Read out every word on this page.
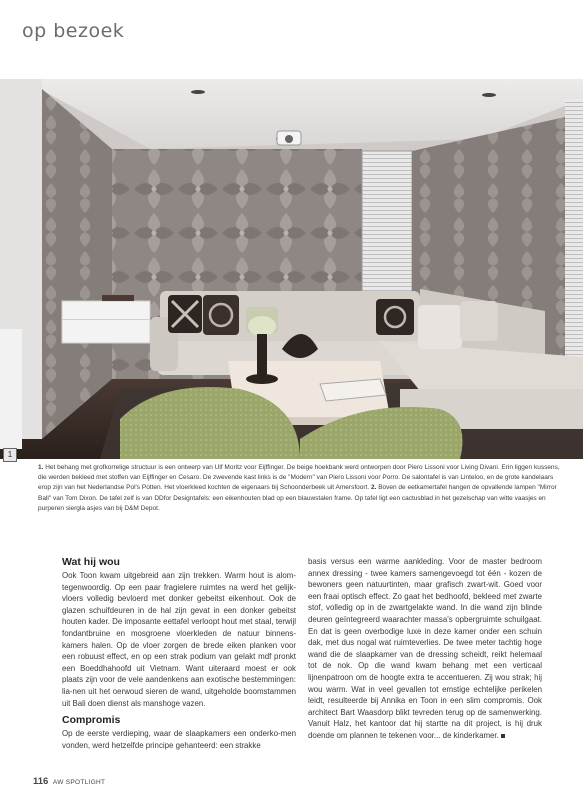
op bezoek
1
1. Het behang met grofkorrelige structuur is een ontwerp van Ulf Moritz voor Eijffinger. De beige hoekbank werd ontworpen door Piero Lissoni voor Living Divani. Erin liggen kussens, die werden bekleed met stoffen van Eijffinger en Cesaro. De zwevende kast links is de "Modern" van Piero Lissoni voor Porro. De salontafel is van Linteloo, en de grote kandelaars erop zijn van het Nederlandse Pol's Potten. Het vloerkleed kochten de eigenaars bij Schoonderbeek uit Amersfoort. 2. Boven de eetkamertafel hangen de opvallende lampen "Mirror Ball" van Tom Dixon. De tafel zelf is van DDfor Designtafels: een eikenhouten blad op een blauwstalen frame. Op tafel ligt een cactusblad in het gezelschap van witte vaasjes en purperen siergla asjes van bij D&M Depot.
Wat hij wou

Ook Toon kwam uitgebreid aan zijn trekken. Warm hout is alom-tegenwoordig. Op een paar fragielere ruimtes na werd het gelijk-vloers volledig bevloerd met donker gebeitst eikenhout. Ook de glazen schuifdeuren in de hal zijn gevat in een donker gebeitst houten kader. De imposante eettafel verloopt hout met staal, terwijl fondantbruine en mosgroene vloerkleden de natuur binnens-kamers halen. Op de vloer zorgen de brede eiken planken voor een robuust effect, en op een strak podium van gelakt mdf pronkt een Boeddhahoofd uit Vietnam. Want uiteraard moest er ook plaats zijn voor de vele aandenkens aan exotische bestemmingen: lia-nen uit het oerwoud sieren de wand, uitgeholde boomstammen uit Bali doen dienst als manshoge vazen.

Compromis

Op de eerste verdieping, waar de slaapkamers een onderko-men vonden, werd hetzelfde principe gehanteerd: een strakke

basis versus een warme aankleding. Voor de master bedroom annex dressing - twee kamers samengevoegd tot één - kozen de bewoners geen natuurtinten, maar grafisch zwart-wit. Goed voor een fraai optisch effect. Zo gaat het bedhoofd, bekleed met zwarte stof, volledig op in de zwartgelakte wand. In die wand zijn blinde deuren geïntegreerd waarachter massa's opbergruimte schuilgaat. En dat is geen overbodige luxe in deze kamer onder een schuin dak, met dus nogal wat ruimteverlies. De twee meter tachtig hoge wand die de slaapkamer van de dressing scheidt, reikt helemaal tot de nok. Op die wand kwam behang met een verticaal lijnenpatroon om de hoogte extra te accentueren. Zij wou strak; hij wou warm. Wat in veel gevallen tot emstige echtelijke perikelen leidt, resulteerde bij Annika en Toon in een slim compromis. Ook architect Bart Waasdorp blikt tevreden terug op de samenwerking. Vanuit Halz, het kantoor dat hij startte na dit project, is hij druk doende om plannen te tekenen voor... de kinderkamer.

116 AW SPOTLIGHT
